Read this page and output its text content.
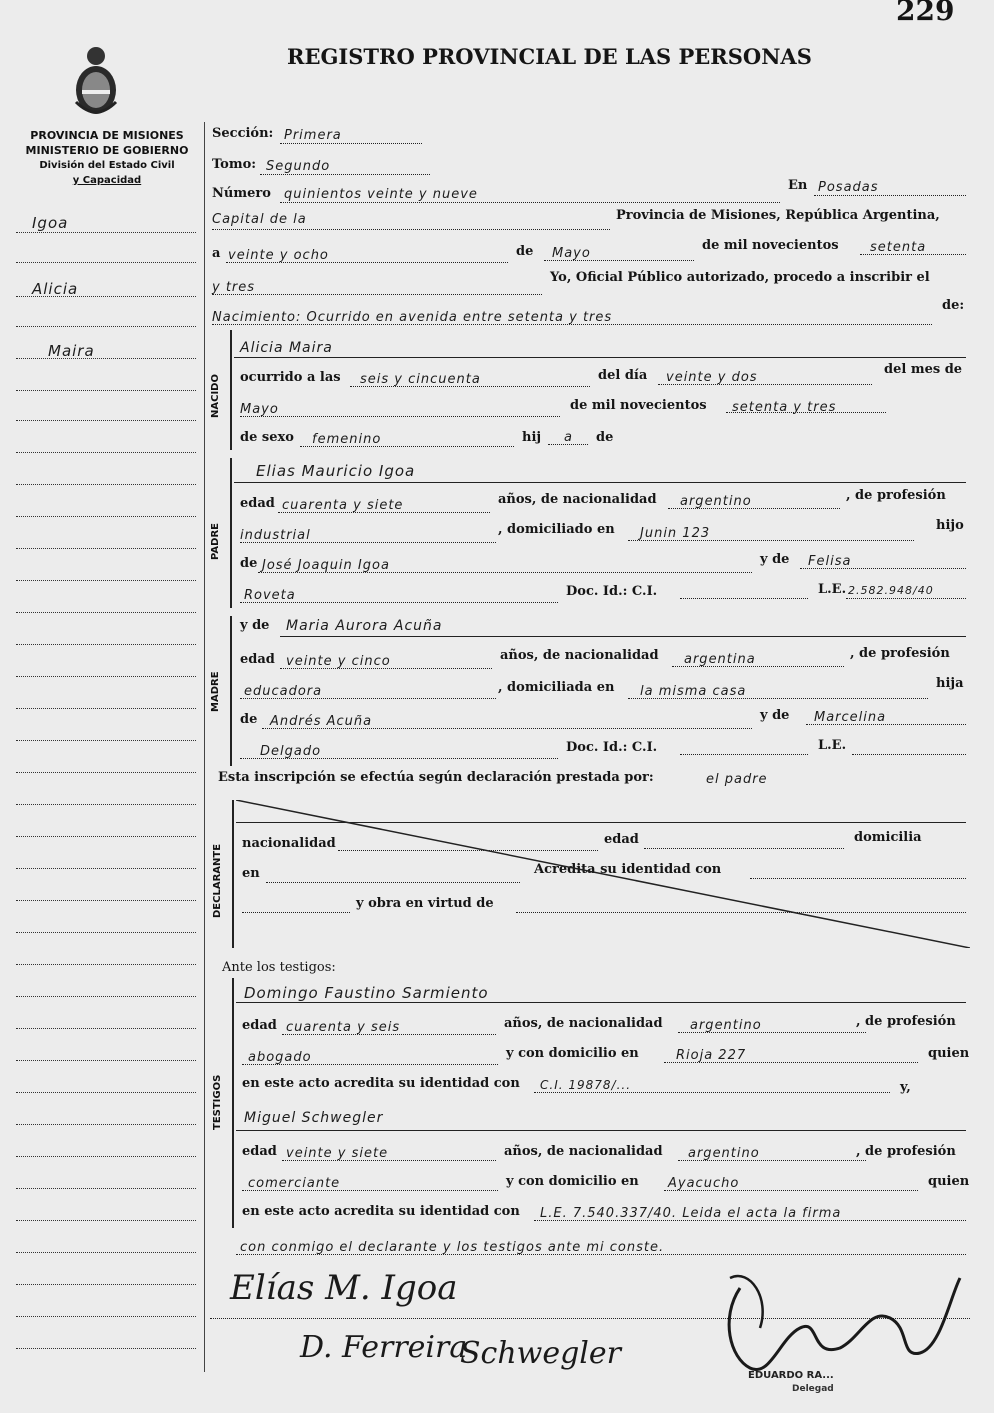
229
REGISTRO PROVINCIAL DE LAS PERSONAS
PROVINCIA DE MISIONES
MINISTERIO DE GOBIERNO
División del Estado Civil
y Capacidad
Igoa
Alicia
Maira
Sección: Primera
Tomo: Segundo
Número quinientos veinte y nueve
En Posadas
Capital de la	Provincia de Misiones, República Argentina,
a veinte y ocho	de Mayo
de mil novecientos setenta
y tres
Yo, Oficial Público autorizado, procedo a inscribir el
Nacimiento: Ocurrido en avenida entre setenta y tres
de:
NACIDO
Alicia Maira
ocurrido a las seis y cincuenta	del día veinte y dos
del mes de
Mayo	de mil novecientos setenta y tres
de sexo femenino	hij a de
PADRE
Elias Mauricio Igoa
edad cuarenta y siete	años, de nacionalidad argentino	, de profesión
industrial	, domiciliado en Junin 123
hijo
de José Joaquin Igoa	y de Felisa
Roveta	Doc. Id.: C.I.	L.E. 2.582.948/40
MADRE
y de Maria Aurora Acuña
edad veinte y cinco	años, de nacionalidad argentina	, de profesión
educadora	, domiciliada en la misma casa
hija
de Andrés Acuña	y de Marcelina
Delgado	Doc. Id.: C.I.	L.E.
Esta inscripción se efectúa según declaración prestada por:	el padre
DECLARANTE
nacionalidad	edad	domicilia
en	Acredita su identidad con
y obra en virtud de
Ante los testigos:
TESTIGOS
Domingo Faustino Sarmiento
edad cuarenta y seis	años, de nacionalidad argentino	, de profesión
abogado	y con domicilio en	Rioja 227	quien
en este acto acredita su identidad con C.I. 19878/...	y,
Miguel Schwegler
edad veinte y siete	años, de nacionalidad argentino	, de profesión
comerciante	y con domicilio en Ayacucho	quien
en este acto acredita su identidad con L.E. 7.540.337/40. Leida el acta la firma
con conmigo el declarante y los testigos ante mi conste.
Elías M. Igoa
D. Ferreira
Schwegler
EDUARDO RA...
Delegad
